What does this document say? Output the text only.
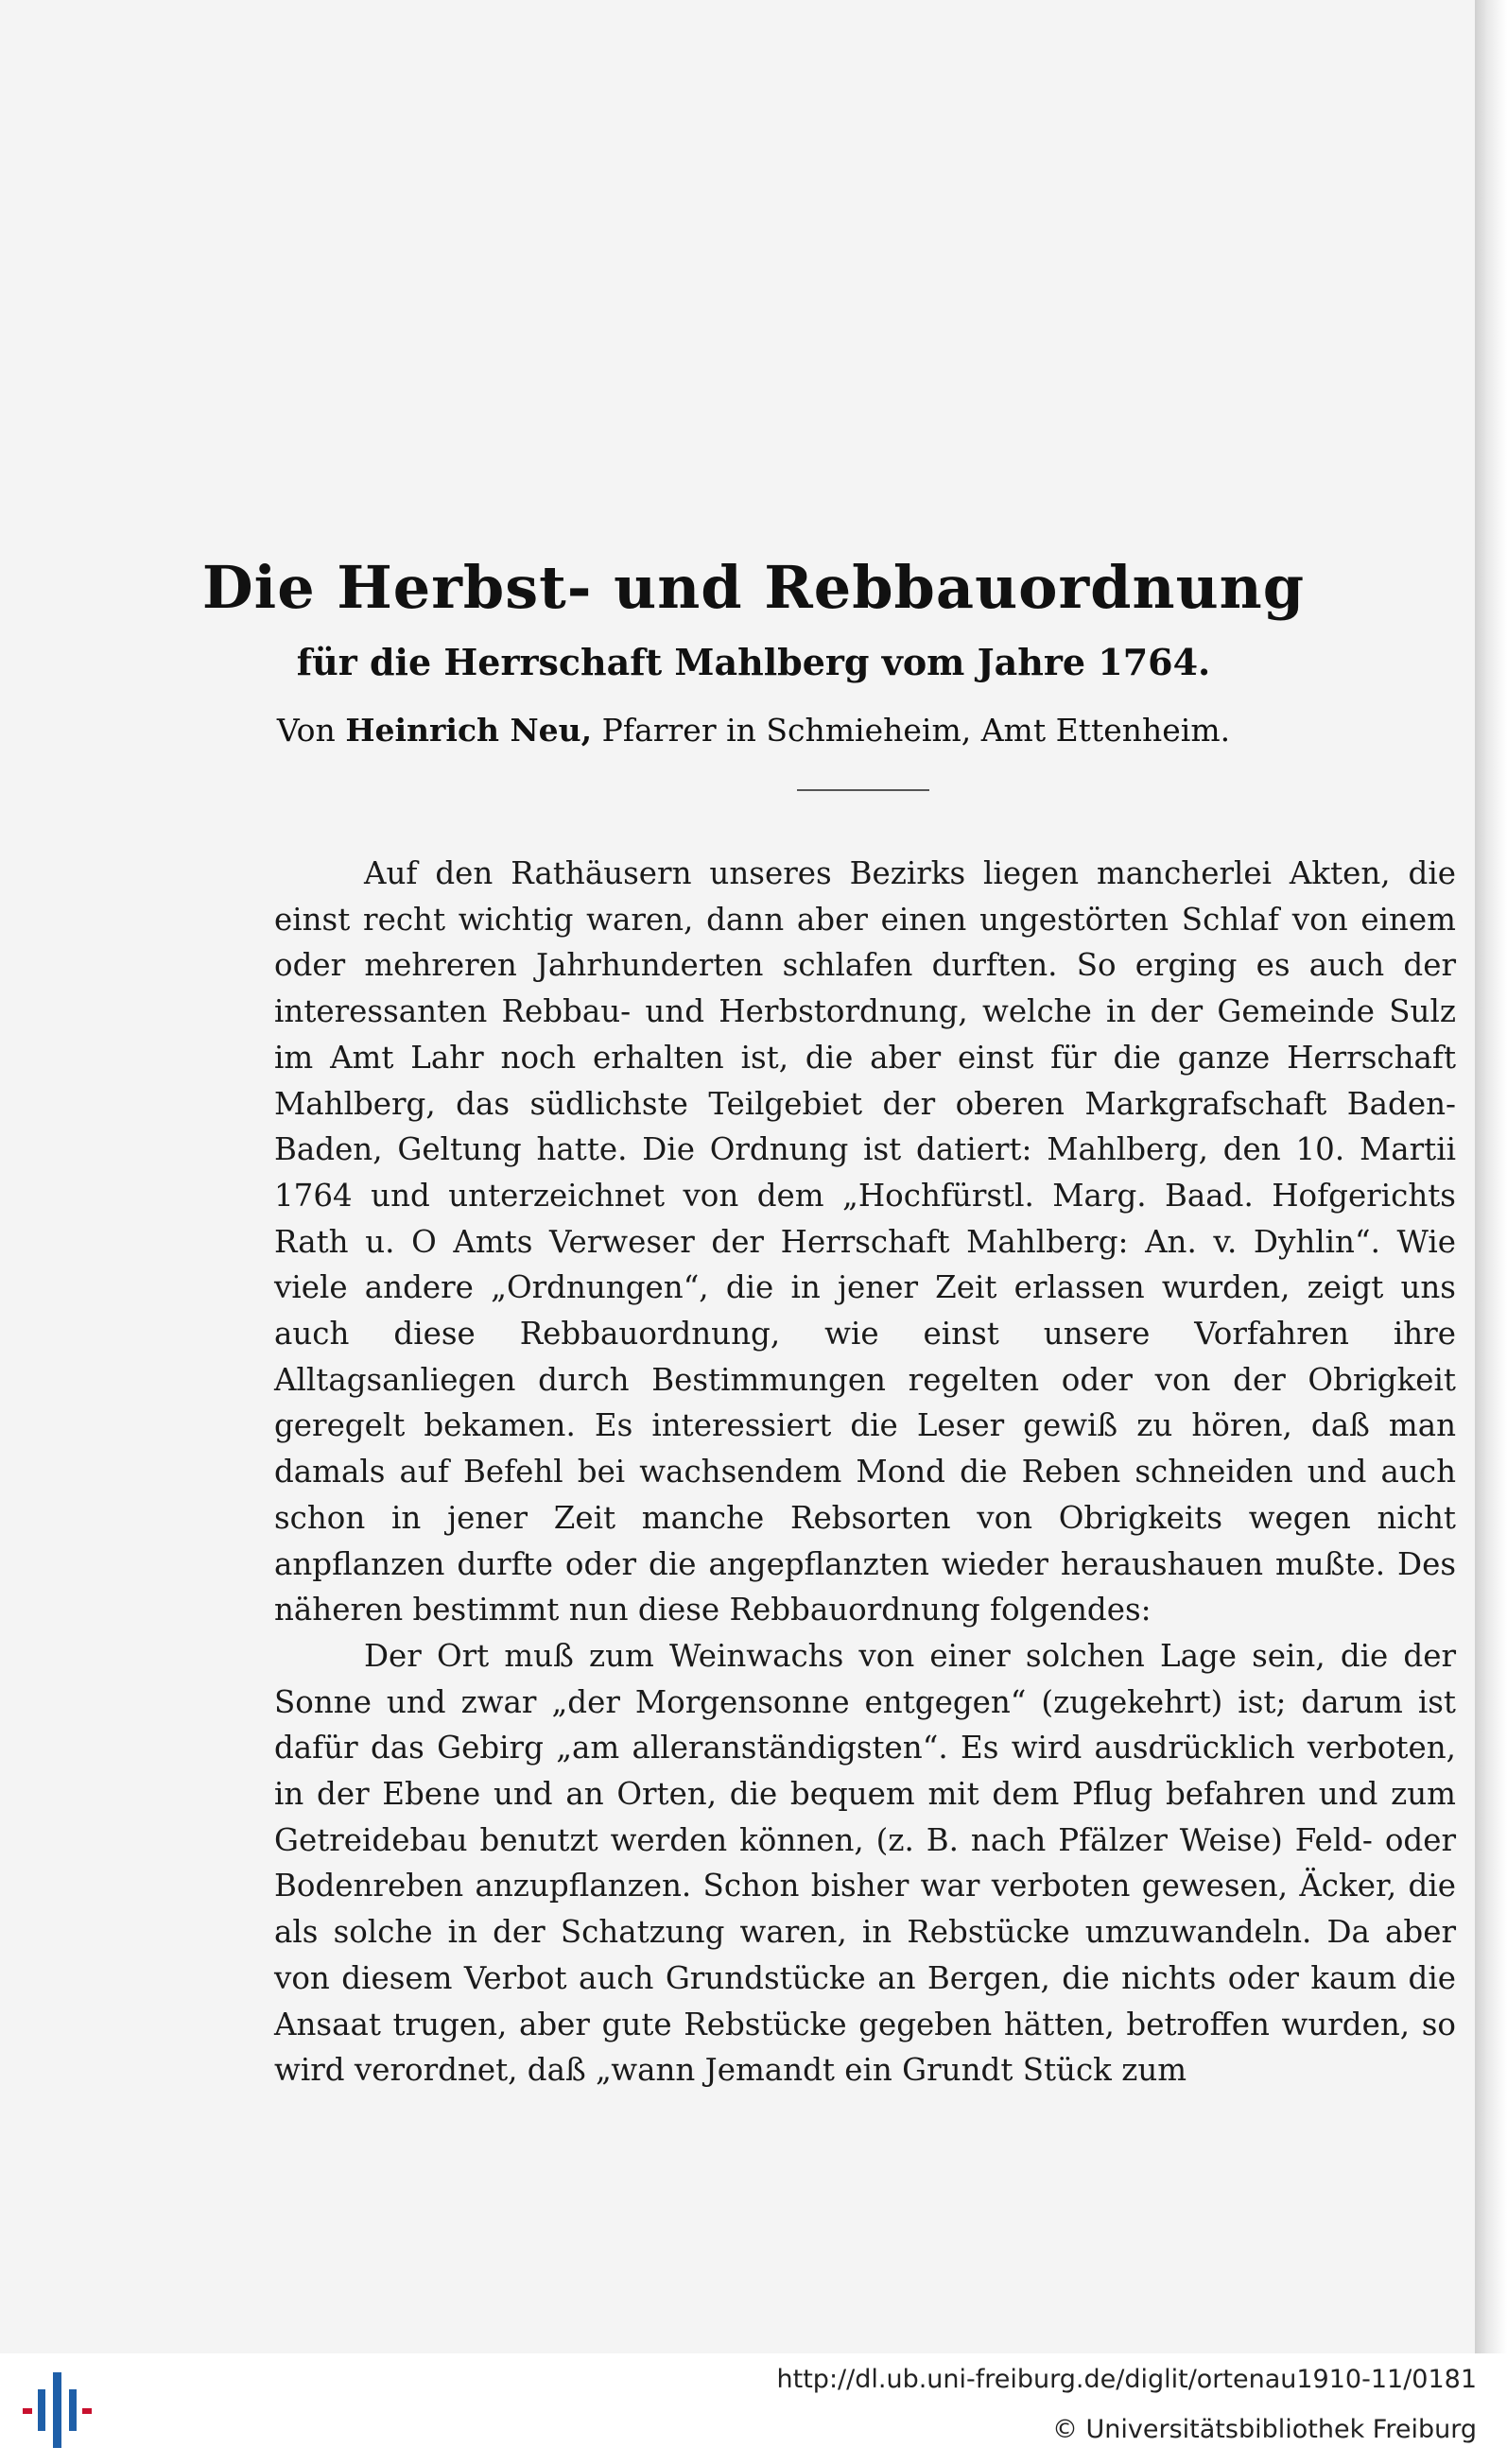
Die Herbst- und Rebbauordnung
für die Herrschaft Mahlberg vom Jahre 1764.
Von Heinrich Neu, Pfarrer in Schmieheim, Amt Ettenheim.

Auf den Rathäusern unseres Bezirks liegen mancherlei Akten, die einst recht wichtig waren, dann aber einen ungestörten Schlaf von einem oder mehreren Jahrhunderten schlafen durften. So erging es auch der interessanten Rebbau- und Herbstordnung, welche in der Gemeinde Sulz im Amt Lahr noch erhalten ist, die aber einst für die ganze Herrschaft Mahlberg, das südlichste Teilgebiet der oberen Markgrafschaft Baden-Baden, Geltung hatte. Die Ordnung ist datiert: Mahlberg, den 10. Martii 1764 und unterzeichnet von dem „Hochfürstl. Marg. Baad. Hofgerichts Rath u. O Amts Verweser der Herrschaft Mahlberg: An. v. Dyhlin“. Wie viele andere „Ordnungen“, die in jener Zeit erlassen wurden, zeigt uns auch diese Rebbauordnung, wie einst unsere Vorfahren ihre Alltagsanliegen durch Bestimmungen regelten oder von der Obrigkeit geregelt bekamen. Es interessiert die Leser gewiß zu hören, daß man damals auf Befehl bei wachsendem Mond die Reben schneiden und auch schon in jener Zeit manche Rebsorten von Obrigkeits wegen nicht anpflanzen durfte oder die angepflanzten wieder heraushauen mußte. Des näheren bestimmt nun diese Rebbauordnung folgendes:

Der Ort muß zum Weinwachs von einer solchen Lage sein, die der Sonne und zwar „der Morgensonne entgegen“ (zugekehrt) ist; darum ist dafür das Gebirg „am alleranständigsten“. Es wird ausdrücklich verboten, in der Ebene und an Orten, die bequem mit dem Pflug befahren und zum Getreidebau benutzt werden können, (z. B. nach Pfälzer Weise) Feld- oder Bodenreben anzupflanzen. Schon bisher war verboten gewesen, Äcker, die als solche in der Schatzung waren, in Rebstücke umzuwandeln. Da aber von diesem Verbot auch Grundstücke an Bergen, die nichts oder kaum die Ansaat trugen, aber gute Rebstücke gegeben hätten, betroffen wurden, so wird verordnet, daß „wann Jemandt ein Grundt Stück zum

http://dl.ub.uni-freiburg.de/diglit/ortenau1910-11/0181
© Universitätsbibliothek Freiburg
